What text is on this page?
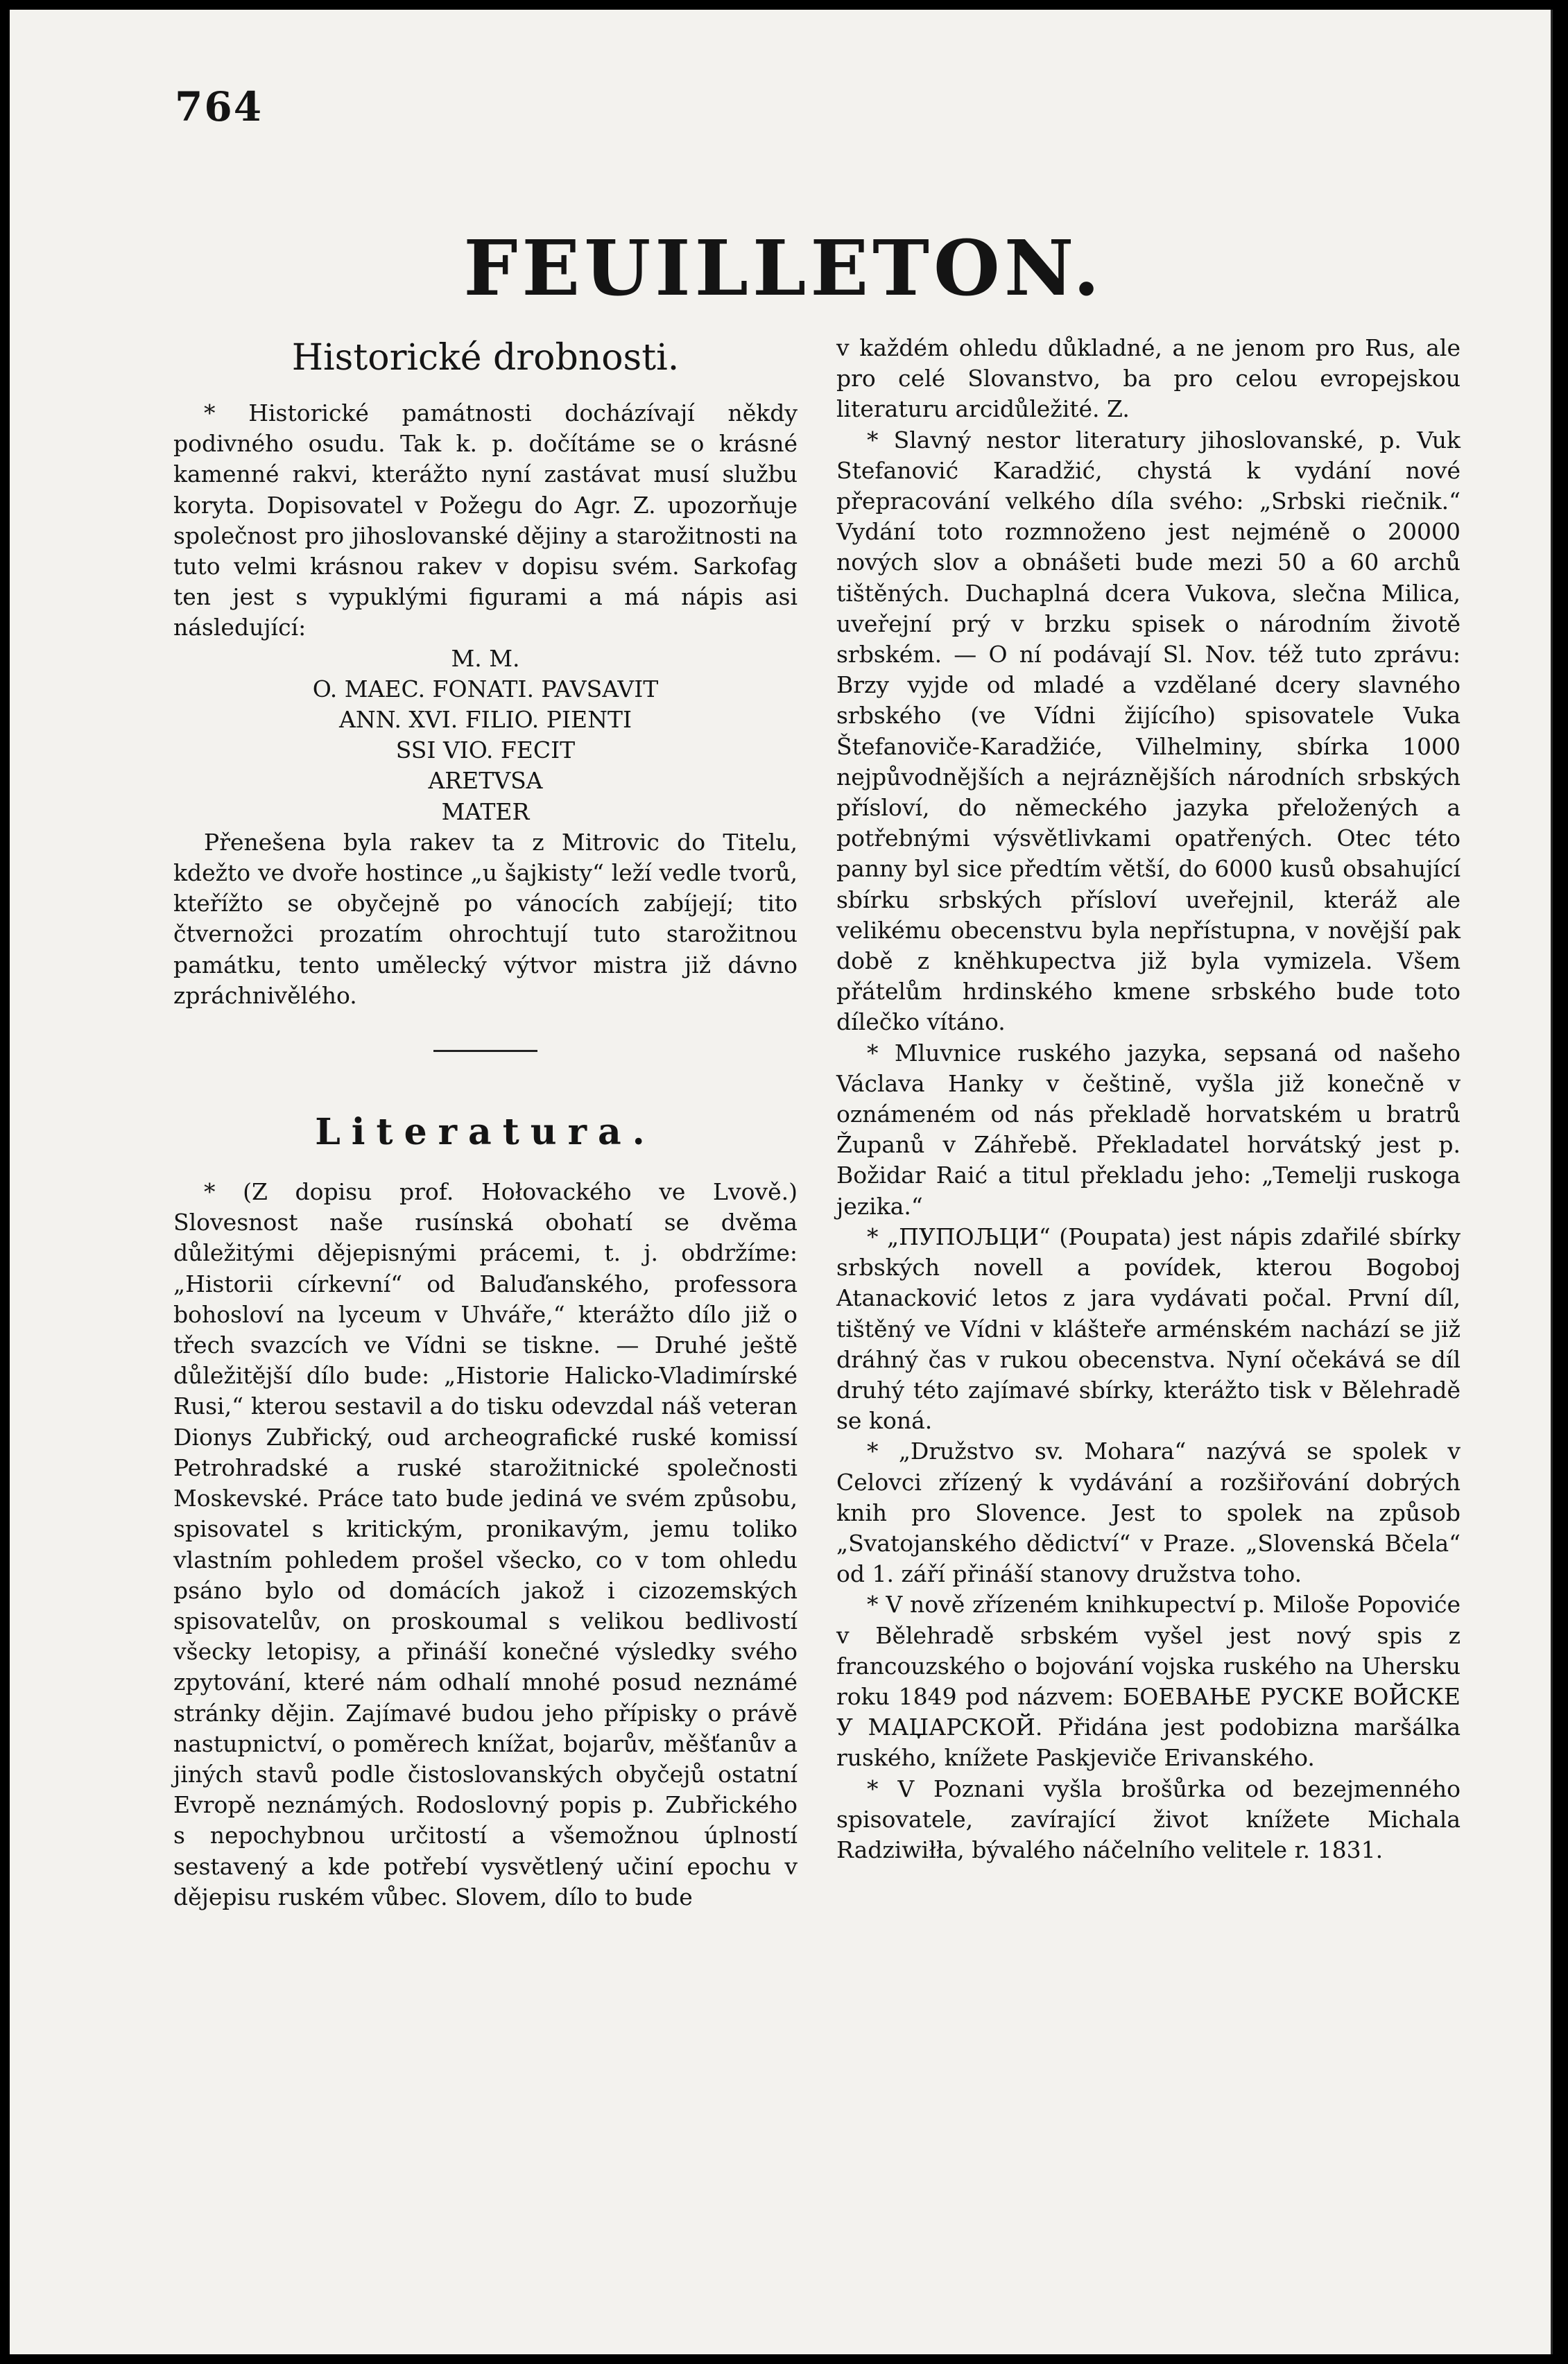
764
FEUILLETON.
Historické drobnosti.

* Historické památnosti docházívají někdy podivného osudu. Tak k. p. dočítáme se o krásné kamenné rakvi, kterážto nyní zastávat musí službu koryta. Dopisovatel v Požegu do Agr. Z. upozorňuje společnost pro jihoslovanské dějiny a starožitnosti na tuto velmi krásnou rakev v dopisu svém. Sarkofag ten jest s vypuklými figurami a má nápis asi následující:

M. M.
O. MAEC. FONATI. PAVSAVIT
ANN. XVI. FILIO. PIENTI
SSI VIO. FECIT
ARETVSA
MATER

Přenešena byla rakev ta z Mitrovic do Titelu, kdežto ve dvoře hostince „u šajkisty“ leží vedle tvorů, kteřížto se obyčejně po vánocích zabíjejí; tito čtvernožci prozatím ohrochtují tuto starožitnou památku, tento umělecký výtvor mistra již dávno zpráchnivělého.

Literatura.

* (Z dopisu prof. Hołovackého ve Lvově.) Slovesnost naše rusínská obohatí se dvěma důležitými dějepisnými prácemi, t. j. obdržíme: „Historii církevní“ od Baluďanského, professora bohosloví na lyceum v Uhváře,“ kterážto dílo již o třech svazcích ve Vídni se tiskne. — Druhé ještě důležitější dílo bude: „Historie Halicko-Vladimírské Rusi,“ kterou sestavil a do tisku odevzdal náš veteran Dionys Zubřický, oud archeografické ruské komissí Petrohradské a ruské starožitnické společnosti Moskevské. Práce tato bude jediná ve svém způsobu, spisovatel s kritickým, pronikavým, jemu toliko vlastním pohledem prošel všecko, co v tom ohledu psáno bylo od domácích jakož i cizozemských spisovatelův, on proskoumal s velikou bedlivostí všecky letopisy, a přináší konečné výsledky svého zpytování, které nám odhalí mnohé posud neznámé stránky dějin. Zajímavé budou jeho přípisky o právě nastupnictví, o poměrech knížat, bojarův, měšťanův a jiných stavů podle čistoslovanských obyčejů ostatní Evropě neznámých. Rodoslovný popis p. Zubřického s nepochybnou určitostí a všemožnou úplností sestavený a kde potřebí vysvětlený učiní epochu v dějepisu ruském vůbec. Slovem, dílo to bude

v každém ohledu důkladné, a ne jenom pro Rus, ale pro celé Slovanstvo, ba pro celou evropejskou literaturu arcidůležité. Z.

* Slavný nestor literatury jihoslovanské, p. Vuk Stefanović Karadžić, chystá k vydání nové přepracování velkého díla svého: „Srbski riečnik.“ Vydání toto rozmnoženo jest nejméně o 20000 nových slov a obnášeti bude mezi 50 a 60 archů tištěných. Duchaplná dcera Vukova, slečna Milica, uveřejní prý v brzku spisek o národním životě srbském. — O ní podávají Sl. Nov. též tuto zprávu: Brzy vyjde od mladé a vzdělané dcery slavného srbského (ve Vídni žijícího) spisovatele Vuka Štefanoviče-Karadžiće, Vilhelminy, sbírka 1000 nejpůvodnějších a nejráznějších národních srbských přísloví, do německého jazyka přeložených a potřebnými výsvětlivkami opatřených. Otec této panny byl sice předtím větší, do 6000 kusů obsahující sbírku srbských přísloví uveřejnil, kteráž ale velikému obecenstvu byla nepřístupna, v novější pak době z kněhkupectva již byla vymizela. Všem přátelům hrdinského kmene srbského bude toto dílečko vítáno.

* Mluvnice ruského jazyka, sepsaná od našeho Václava Hanky v češtině, vyšla již konečně v oznámeném od nás překladě horvatském u bratrů Županů v Záhřebě. Překladatel horvátský jest p. Božidar Raić a titul překladu jeho: „Temelji ruskoga jezika.“

* „ПУПОЉЦИ“ (Poupata) jest nápis zdařilé sbírky srbských novell a povídek, kterou Bogoboj Atanacković letos z jara vydávati počal. První díl, tištěný ve Vídni v klášteře arménském nachází se již dráhný čas v rukou obecenstva. Nyní očekává se díl druhý této zajímavé sbírky, kterážto tisk v Bělehradě se koná.

* „Družstvo sv. Mohara“ nazývá se spolek v Celovci zřízený k vydávání a rozšiřování dobrých knih pro Slovence. Jest to spolek na způsob „Svatojanského dědictví“ v Praze. „Slovenská Bčela“ od 1. září přináší stanovy družstva toho.

* V nově zřízeném knihkupectví p. Miloše Popoviće v Bělehradě srbském vyšel jest nový spis z francouzského o bojování vojska ruského na Uhersku roku 1849 pod názvem: БОЕВАЊЕ РУСКЕ ВОЙСКЕ У МАЏАРСКОЙ. Přidána jest podobizna maršálka ruského, knížete Paskjeviče Erivanského.

* V Poznani vyšla brošůrka od bezejmenného spisovatele, zavírající život knížete Michala Radziwiłła, bývalého náčelního velitele r. 1831.
